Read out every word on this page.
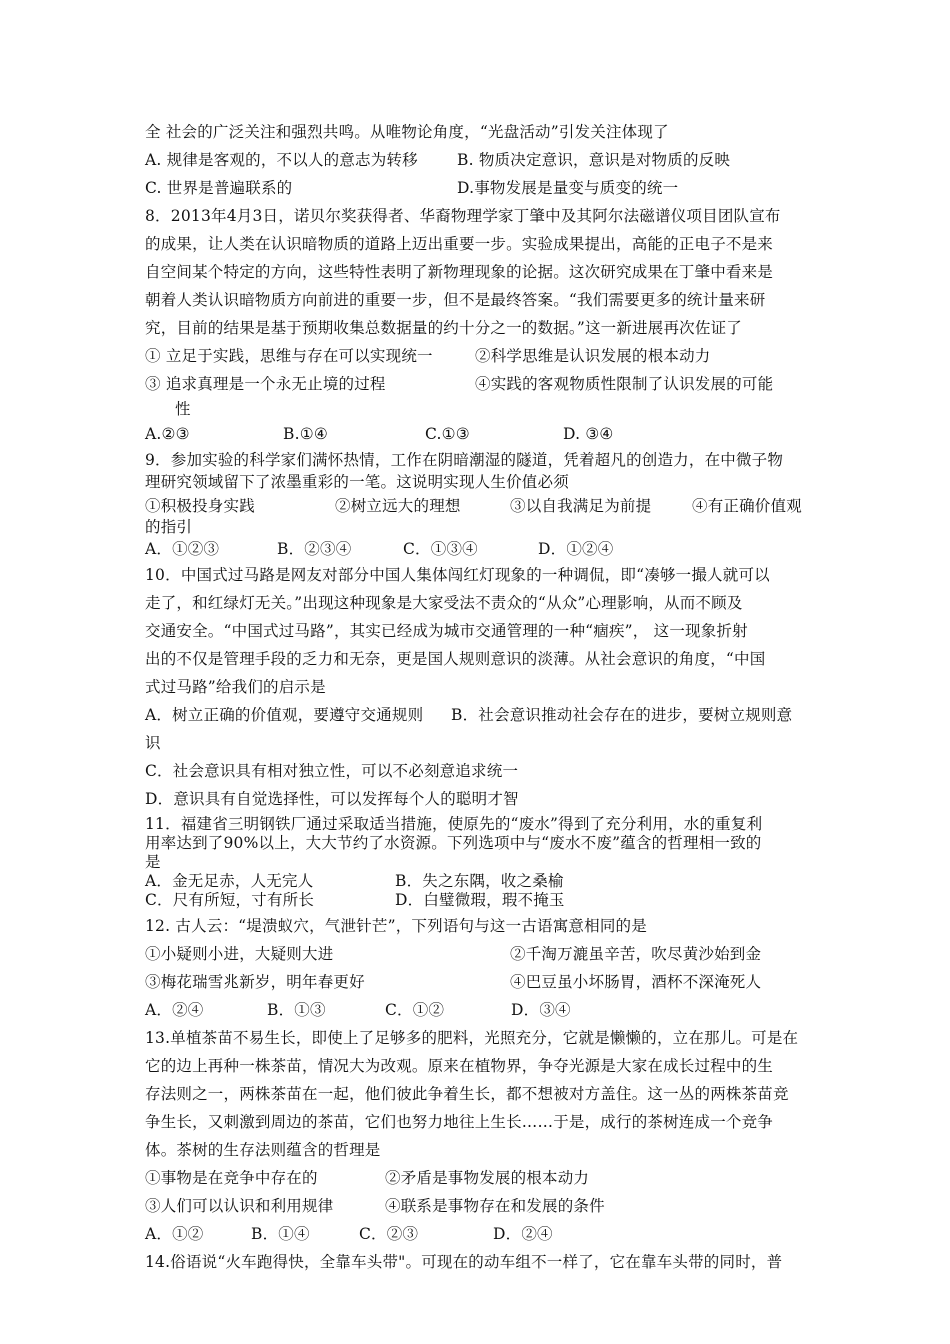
全 社会的广泛关注和强烈共鸣。从唯物论角度，“光盘活动”引发关注体现了

A. 规律是客观的，不以人的意志为转移	B. 物质决定意识，意识是对物质的反映
C. 世界是普遍联系的	D.事物发展是量变与质变的统一

8．2013年4月3日，诺贝尔奖获得者、华裔物理学家丁肇中及其阿尔法磁谱仪项目团队宣布

的成果，让人类在认识暗物质的道路上迈出重要一步。实验成果提出，高能的正电子不是来

自空间某个特定的方向，这些特性表明了新物理现象的论据。这次研究成果在丁肇中看来是

朝着人类认识暗物质方向前进的重要一步，但不是最终答案。“我们需要更多的统计量来研

究，目前的结果是基于预期收集总数据量的约十分之一的数据。”这一新进展再次佐证了

① 立足于实践，思维与存在可以实现统一	②科学思维是认识发展的根本动力
③ 追求真理是一个永无止境的过程	④实践的客观物质性限制了认识发展的可能

性

A.②③	B.①④	C.①③	D. ③④

9．参加实验的科学家们满怀热情，工作在阴暗潮湿的隧道，凭着超凡的创造力，在中微子物

理研究领域留下了浓墨重彩的一笔。这说明实现人生价值必须

①积极投身实践	②树立远大的理想	③以自我满足为前提	④有正确价值观

的指引

A．①②③	B．②③④	C．①③④	D．①②④

10．中国式过马路是网友对部分中国人集体闯红灯现象的一种调侃，即“凑够一撮人就可以

走了，和红绿灯无关。”出现这种现象是大家受法不责众的“从众”心理影响，从而不顾及

交通安全。“中国式过马路”，其实已经成为城市交通管理的一种“痼疾”， 这一现象折射

出的不仅是管理手段的乏力和无奈，更是国人规则意识的淡薄。从社会意识的角度，“中国

式过马路”给我们的启示是

A．树立正确的价值观，要遵守交通规则	B．社会意识推动社会存在的进步，要树立规则意

识

C．社会意识具有相对独立性，可以不必刻意追求统一

D．意识具有自觉选择性，可以发挥每个人的聪明才智

11．福建省三明钢铁厂通过采取适当措施，使原先的“废水”得到了充分利用，水的重复利

用率达到了90%以上，大大节约了水资源。下列选项中与“废水不废”蕴含的哲理相一致的

是

A．金无足赤，人无完人	B．失之东隅，收之桑榆
C．尺有所短，寸有所长	D．白璧微瑕，瑕不掩玉

12. 古人云：“堤溃蚁穴，气泄针芒”，下列语句与这一古语寓意相同的是

①小疑则小进，大疑则大进	②千淘万漉虽辛苦，吹尽黄沙始到金
③梅花瑞雪兆新岁，明年春更好	④巴豆虽小坏肠胃，酒杯不深淹死人
A．②④	B．①③	C．①②	D．③④

13.单植茶苗不易生长，即使上了足够多的肥料，光照充分，它就是懒懒的，立在那儿。可是在

它的边上再种一株茶苗，情况大为改观。原来在植物界，争夺光源是大家在成长过程中的生

存法则之一，两株茶苗在一起，他们彼此争着生长，都不想被对方盖住。这一丛的两株茶苗竞

争生长，又刺激到周边的茶苗，它们也努力地往上生长……于是，成行的茶树连成一个竞争

体。茶树的生存法则蕴含的哲理是

①事物是在竞争中存在的	②矛盾是事物发展的根本动力
③人们可以认识和利用规律	④联系是事物存在和发展的条件
A．①②	B．①④	C．②③	D．②④

14.俗语说“火车跑得快，全靠车头带"。可现在的动车组不一样了，它在靠车头带的同时，普
